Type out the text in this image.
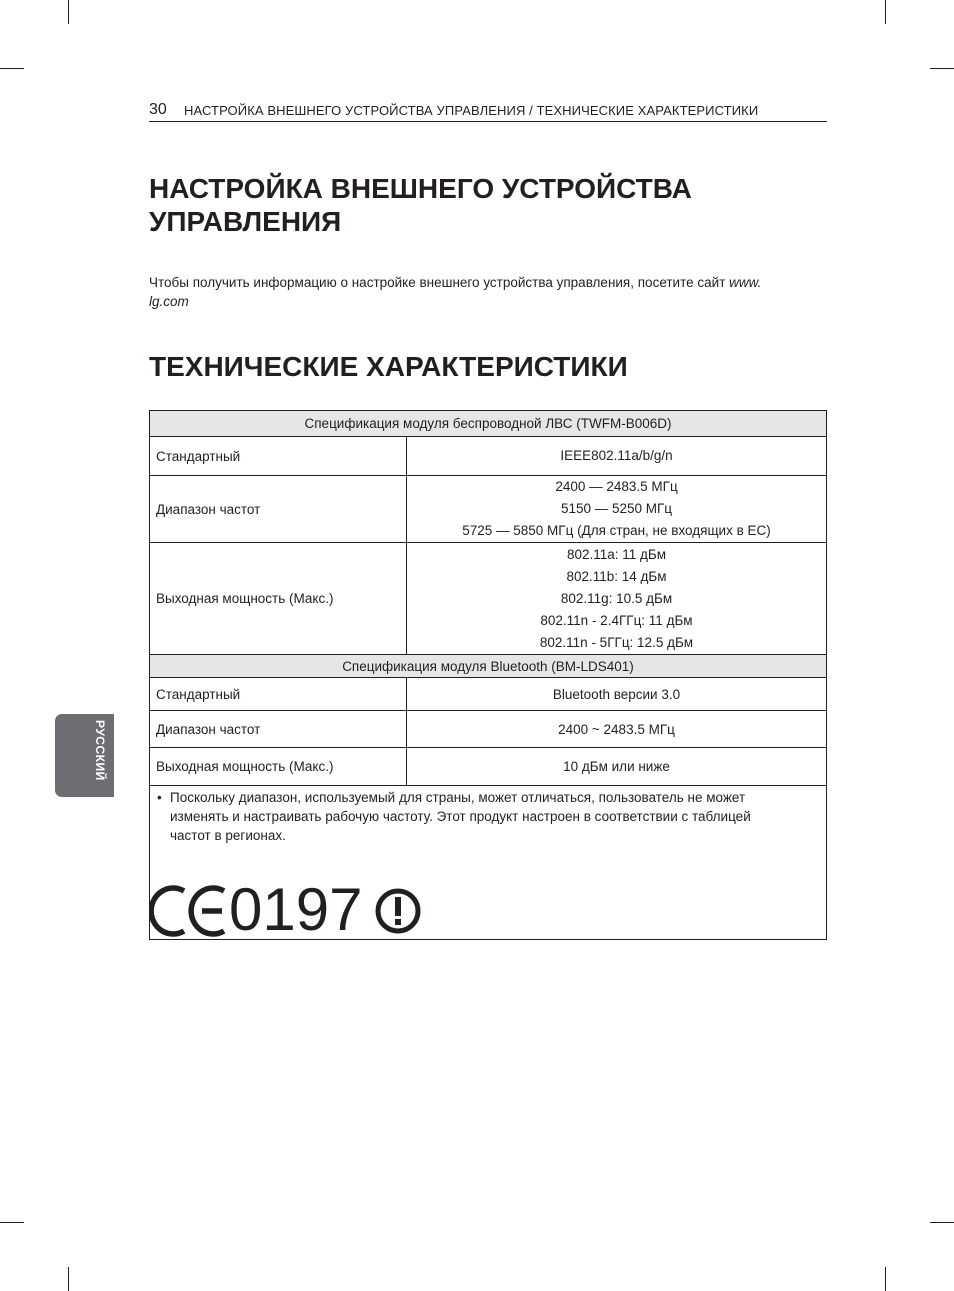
30 НАСТРОЙКА ВНЕШНЕГО УСТРОЙСТВА УПРАВЛЕНИЯ / ТЕХНИЧЕСКИЕ ХАРАКТЕРИСТИКИ
НАСТРОЙКА ВНЕШНЕГО УСТРОЙСТВА
УПРАВЛЕНИЯ
Чтобы получить информацию о настройке внешнего устройства управления, посетите сайт www.
lg.com
ТЕХНИЧЕСКИЕ ХАРАКТЕРИСТИКИ
Спецификация модуля беспроводной ЛВС (TWFM-B006D)	
Стандартный	IEEE802.11a/b/g/n

Диапазон частот	2400 — 2483.5 МГц
5150 — 5250 МГц
5725 — 5850 МГц (Для стран, не входящих в ЕС)

Выходная мощность (Макс.)	802.11a: 11 дБм
802.11b: 14 дБм
802.11g: 10.5 дБм
802.11n - 2.4ГГц: 11 дБм
802.11n - 5ГГц: 12.5 дБм

Спецификация модуля Bluetooth (BM-LDS401)	
Стандартный	Bluetooth версии 3.0
Диапазон частот	2400 ~ 2483.5 МГц
Выходная мощность (Макс.)	10 дБм или ниже

• Поскольку диапазон, используемый для страны, может отличаться, пользователь не может изменять и настраивать рабочую частоту. Этот продукт настроен в соответствии с таблицей частот в регионах.
0197	
РУССКИЙ
